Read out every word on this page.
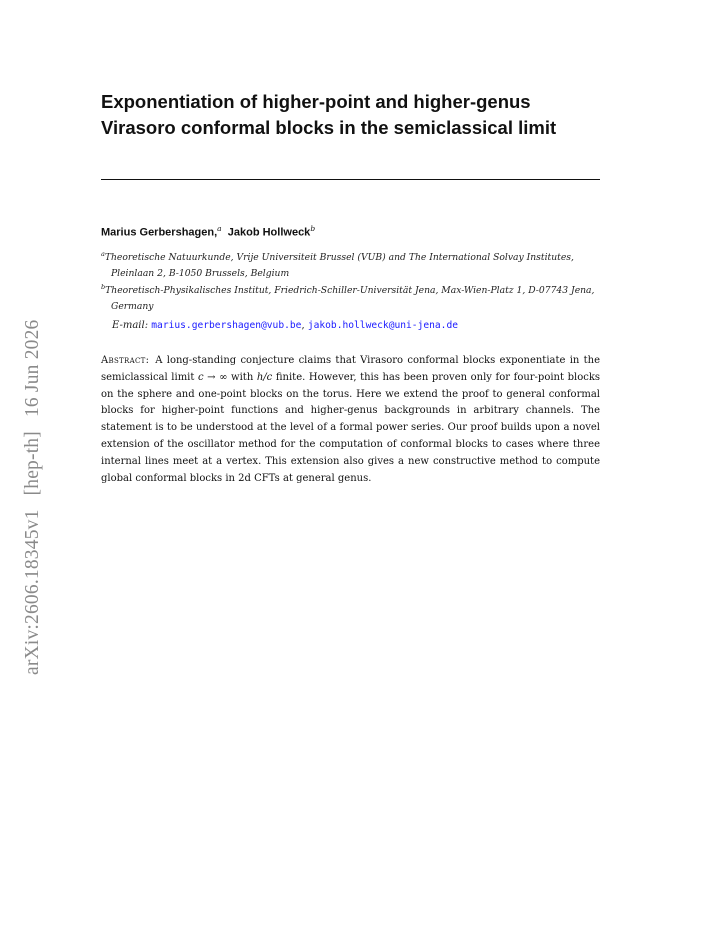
arXiv:2606.18345v1[hep-th]16 Jun 2026
Exponentiation of higher-point and higher-genus
Virasoro conformal blocks in the semiclassical limit
Marius Gerbershagen,$^a$ Jakob Hollweck$^b$
$^a$Theoretische Natuurkunde, Vrije Universiteit Brussel (VUB) and The International Solvay Institutes, Pleinlaan 2, B-1050 Brussels, Belgium
$^b$Theoretisch-Physikalisches Institut, Friedrich-Schiller-Universität Jena, Max-Wien-Platz 1, D-07743 Jena, Germany
E-mail: marius.gerbershagen@vub.be, jakob.hollweck@uni-jena.de

Abstract: A long-standing conjecture claims that Virasoro conformal blocks exponentiate in the semiclassical limit c → ∞ with h/c finite. However, this has been proven only for four-point blocks on the sphere and one-point blocks on the torus. Here we extend the proof to general conformal blocks for higher-point functions and higher-genus backgrounds in arbitrary channels. The statement is to be understood at the level of a formal power series. Our proof builds upon a novel extension of the oscillator method for the computation of conformal blocks to cases where three internal lines meet at a vertex. This extension also gives a new constructive method to compute global conformal blocks in 2d CFTs at general genus.
